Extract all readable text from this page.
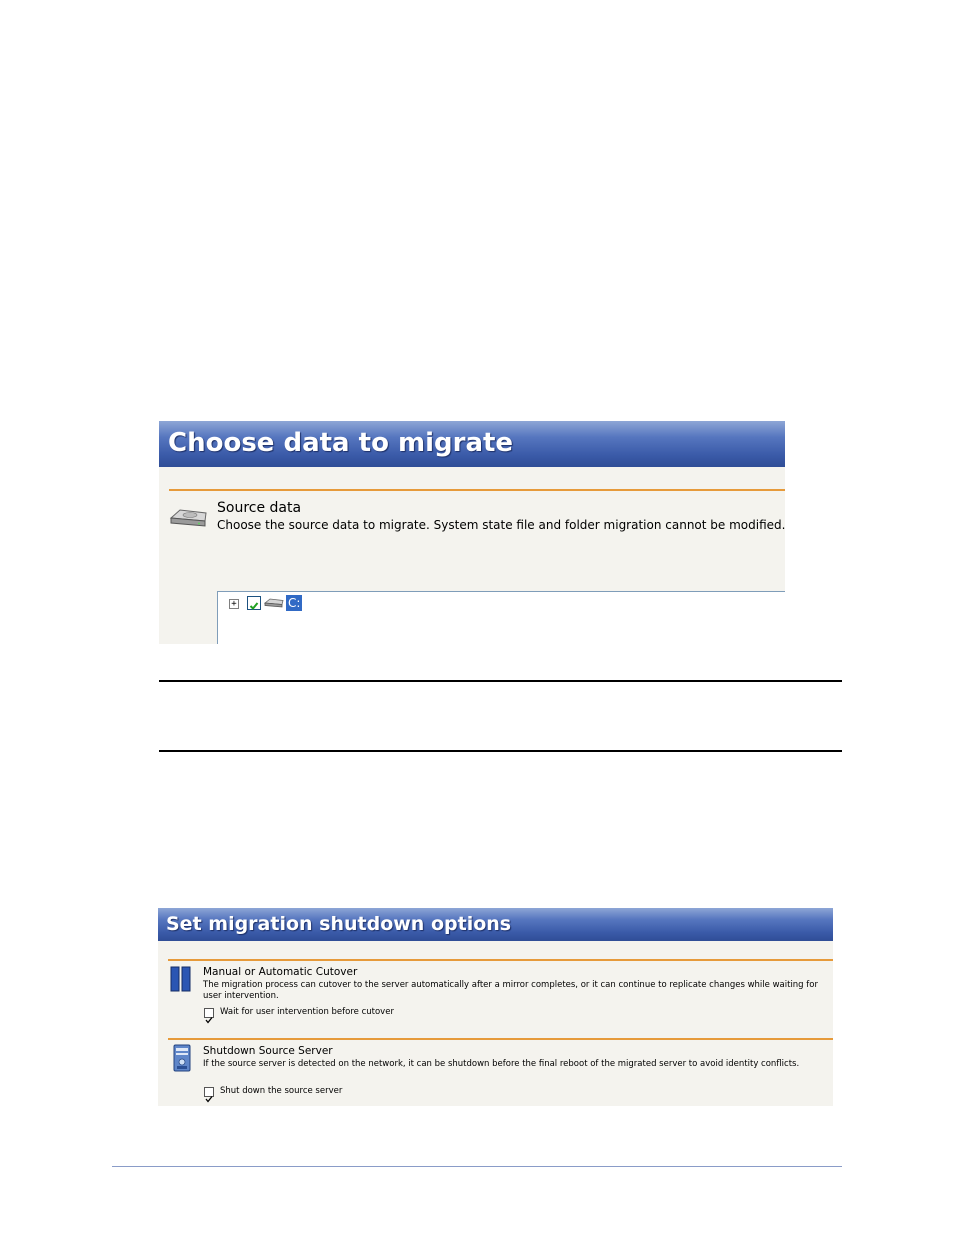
Choose data to migrate
Source data
Choose the source data to migrate. System state file and folder migration cannot be modified.
+	C:
Set migration shutdown options
Manual or Automatic Cutover
The migration process can cutover to the server automatically after a mirror completes, or it can continue to replicate changes while waiting for user intervention.
Wait for user intervention before cutover
Shutdown Source Server
If the source server is detected on the network, it can be shutdown before the final reboot of the migrated server to avoid identity conflicts.
Shut down the source server
